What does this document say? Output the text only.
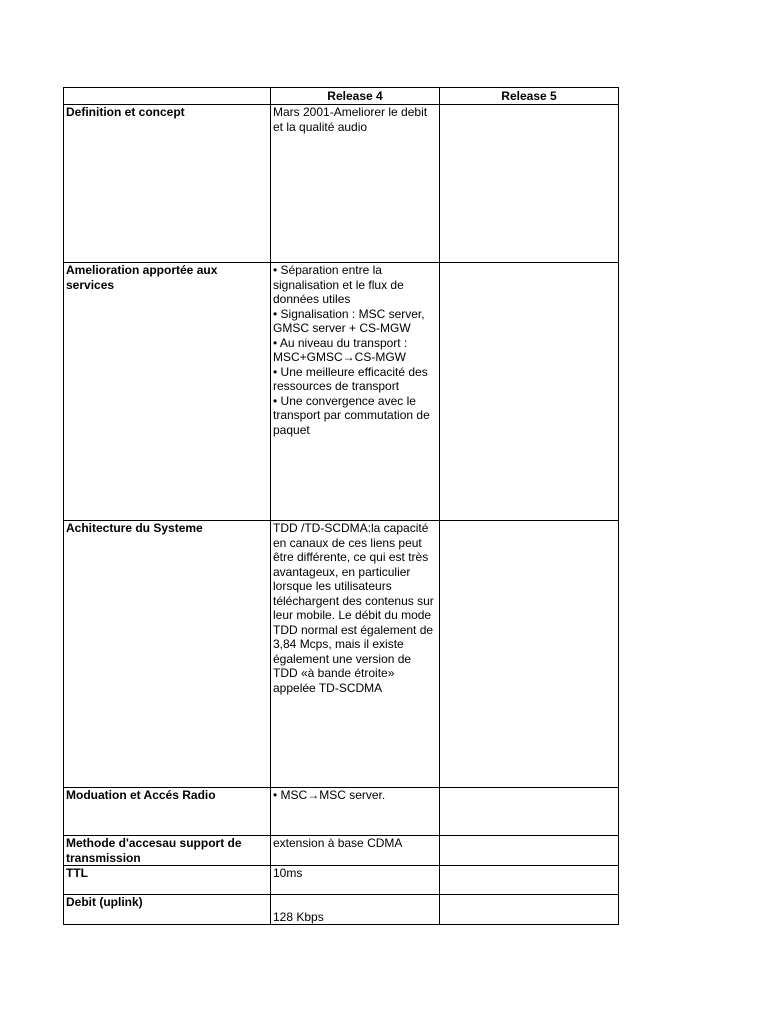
	Release 4	Release 5
Definition et concept	Mars 2001-Ameliorer le debit et la qualité audio	
Amelioration apportée aux services	• Séparation entre la signalisation et le flux de données utiles
• Signalisation : MSC server, GMSC server + CS-MGW
• Au niveau du transport : MSC+GMSC→CS-MGW
• Une meilleure efficacité des ressources de transport
• Une convergence avec le transport par commutation de paquet	
Achitecture du Systeme	TDD /TD-SCDMA:la capacité en canaux de ces liens peut être différente, ce qui est très avantageux, en particulier lorsque les utilisateurs téléchargent des contenus sur leur mobile. Le débit du mode TDD normal est également de 3,84 Mcps, mais il existe également une version de TDD «à bande étroite» appelée TD-SCDMA	
Moduation et Accés Radio	• MSC→MSC server.	
Methode d'accesau support de transmission	extension à base CDMA	
TTL	10ms	
Debit (uplink)	128 Kbps	
